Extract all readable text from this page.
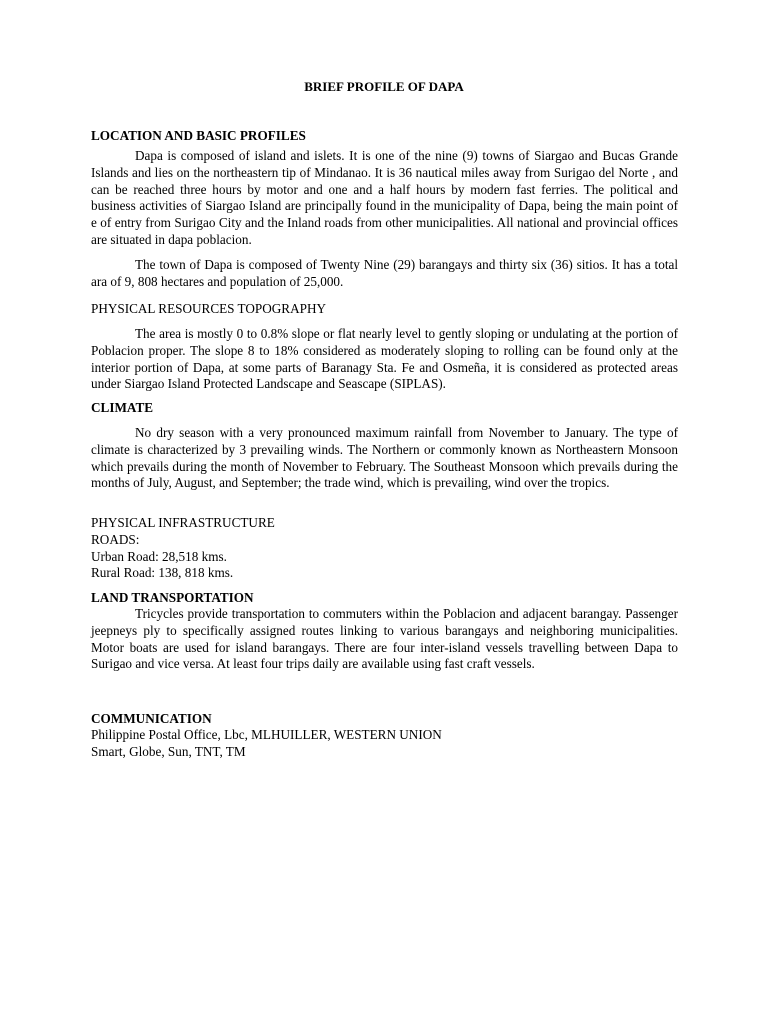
BRIEF PROFILE OF DAPA
LOCATION AND BASIC PROFILES

Dapa is composed of island and islets. It is one of the nine (9) towns of Siargao and Bucas Grande Islands and lies on the northeastern tip of Mindanao. It is 36 nautical miles away from Surigao del Norte , and can be reached three hours by motor and one and a half hours by modern fast ferries. The political and business activities of Siargao Island are principally found in the municipality of Dapa, being the main point of e of entry from Surigao City and the Inland roads from other municipalities. All national and provincial offices are situated in dapa poblacion.

The town of Dapa is composed of Twenty Nine (29) barangays and thirty six (36) sitios. It has a total ara of 9, 808 hectares and population of 25,000.

PHYSICAL RESOURCES TOPOGRAPHY

The area is mostly 0 to 0.8% slope or flat nearly level to gently sloping or undulating at the portion of Poblacion proper. The slope 8 to 18% considered as moderately sloping to rolling can be found only at the interior portion of Dapa, at some parts of Baranagy Sta. Fe and Osmeña, it is considered as protected areas under Siargao Island Protected Landscape and Seascape (SIPLAS).

CLIMATE

No dry season with a very pronounced maximum rainfall from November to January. The type of climate is characterized by 3 prevailing winds. The Northern or commonly known as Northeastern Monsoon which prevails during the month of November to February. The Southeast Monsoon which prevails during the months of July, August, and September; the trade wind, which is prevailing, wind over the tropics.

PHYSICAL INFRASTRUCTURE
ROADS:
Urban Road: 28,518 kms.
Rural Road: 138, 818 kms.
LAND TRANSPORTATION

Tricycles provide transportation to commuters within the Poblacion and adjacent barangay. Passenger jeepneys ply to specifically assigned routes linking to various barangays and neighboring municipalities. Motor boats are used for island barangays. There are four inter-island vessels travelling between Dapa to Surigao and vice versa. At least four trips daily are available using fast craft vessels.

COMMUNICATION
Philippine Postal Office, Lbc, MLHUILLER, WESTERN UNION
Smart, Globe, Sun, TNT, TM
